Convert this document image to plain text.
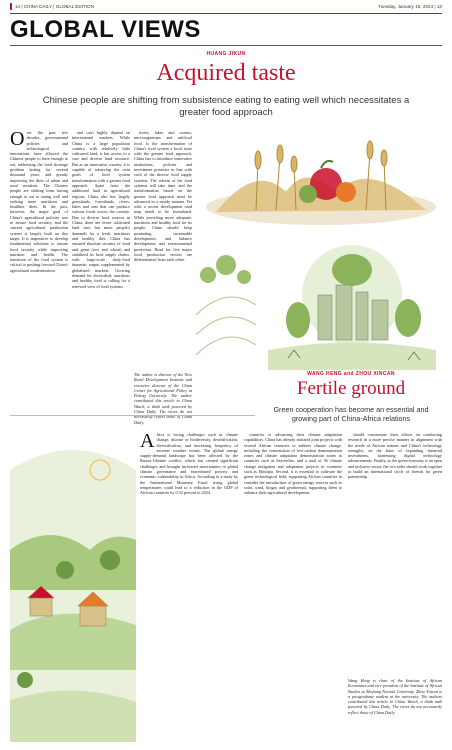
14 | CHINA DAILY | GLOBAL EDITION	Tuesday, January 16, 2024 | 13
GLOBAL VIEWS
HUANG JIKUN
Acquired taste
Chinese people are shifting from subsistence eating to eating well which necessitates a greater food approach
O ver the past few decades, governmental policies and technological innovations have allowed the Chinese people to have enough to eat, addressing the food shortage problem lasting for several thousand years, and greatly improving the diets of urban and rural residents. The Chinese people are shifting from having enough to eat to eating well and seeking more nutritious and healthier diets. In the past, however, the major goal of China's agricultural policies was to ensure food security, and the current agricultural production system is largely built on this target. It is imperative to develop fundamental solutions to ensure food security while improving nutrition and health. The transition of the food system is critical to pushing forward China's agricultural modernization.

and can't highly depend on international markets. While China is a large population country with relatively little cultivated land, it has access to a vast and diverse land resource. But as an innovative country, it is capable of achieving the twin goals of food system transformation with a greater food approach. Apart from the additional land in agricultural regions, China also has largely grasslands, forestlands, rivers, lakes and seas that can produce various foods across the country. Due to diverse food sources in China, there are fewer cultivated land sites but more people's demands for a fresh, nutritious and healthy diet. China has ensured absolute security of food and grain (rice and wheat) and stabilized its food supply chains, with large-scale daily-food domestic output supplemented by globalized markets. Growing demand for diversified, nutritious and healthy food is calling for a renewed view of food systems.

rivers, lakes and oceans, microorganisms and artificial food. Is the transformation of China's food system a local issue with the greater food approach, China has to introduce innovative institutions, policies and investment priorities in line with each of the diverse food supply systems. The reform of the food systems will take time, and the transformation based on the greater food approach must be advanced in a steady manner. Yet with a recent development road map needs to be formulated. While providing more adequate, nutritious and healthy food for its people, China should keep promoting sustainable development, and balance development and environmental protection. Road for five major food production sectors are differentiated from each other.

The author is director of the New Rural Development Institute and executive director of the China Center for Agricultural Policy at Peking University. The author contributed this article to China Watch, a think tank powered by China Daily. The views do not necessarily reflect those of China Daily.

WANG HENG and ZHOU XINCAN
Fertile ground
Green cooperation has become an essential and growing part of China-Africa relations
A frica is facing challenges such as climate change, disease or biodiversity, desertification, diversification, and increasing frequency of extreme weather events. The global energy supply-demand landscape has been affected by the Russia-Ukraine conflict, which has created significant challenges and brought increased uncertainties to global climate governance and exacerbated poverty and economic vulnerability in Africa. According to a study by the International Monetary Fund, rising global temperatures could lead to a reduction in the GDP of African countries by 0.32 percent in 2024.

countries is advancing their climate adaptation capabilities. China has already initiated joint projects with several African countries to address climate change, including the construction of low-carbon demonstration zones and climate adaptation demonstration zones in countries such as Seychelles, and a total of 36 climate change mitigation and adaptation projects in countries such as Ethiopia. Second, it is essential to cultivate the green technological field, supporting African countries to consider the introduction of green energy sources such as solar, wind, biogas and geothermal, supporting them to enhance their agricultural development.

should concentrate their efforts on conducting research in a more precise manner in alignment with the needs of African nations and China's technology strengths, on the basis of expanding financial investments, harnessing digital technology advancements. Finally, as the green economy is an open and inclusive sector, the two sides should work together to build an international circle of friends for green partnership.

Wang Heng is chair of the Institute of African Economics and vice president of the Institute of African Studies at Zhejiang Normal University. Zhou Xincan is a postgraduate student at the university. The authors contributed this article to China Watch, a think tank powered by China Daily. The views do not necessarily reflect those of China Daily.
